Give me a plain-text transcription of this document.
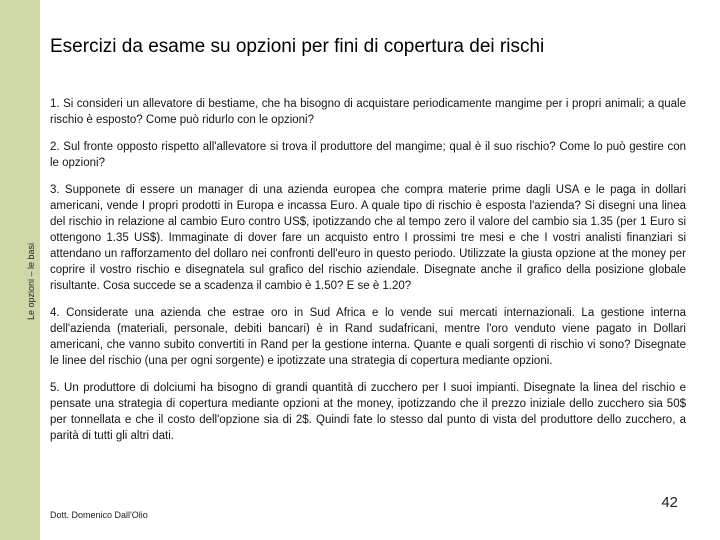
Le opzioni – le basi
Esercizi da esame su opzioni per fini di copertura dei rischi
1. Si consideri un allevatore di bestiame, che ha bisogno di acquistare periodicamente mangime per i propri animali; a quale rischio è esposto? Come può ridurlo con le opzioni?
2. Sul fronte opposto rispetto all'allevatore si trova il produttore del mangime; qual è il suo rischio? Come lo può gestire con le opzioni?
3. Supponete di essere un manager di una azienda europea che compra materie prime dagli USA e le paga in dollari americani, vende I propri prodotti in Europa e incassa Euro. A quale tipo di rischio è esposta l'azienda? Si disegni una linea del rischio in relazione al cambio Euro contro US$, ipotizzando che al tempo zero il valore del cambio sia 1.35 (per 1 Euro si ottengono 1.35 US$). Immaginate di dover fare un acquisto entro I prossimi tre mesi e che I vostri analisti finanziari si attendano un rafforzamento del dollaro nei confronti dell'euro in questo periodo. Utilizzate la giusta opzione at the money per coprire il vostro rischio e disegnatela sul grafico del rischio aziendale. Disegnate anche il grafico della posizione globale risultante. Cosa succede se a scadenza il cambio è 1.50? E se è 1.20?
4. Considerate una azienda che estrae oro in Sud Africa e lo vende sui mercati internazionali. La gestione interna dell'azienda (materiali, personale, debiti bancari) è in Rand sudafricani, mentre l'oro venduto viene pagato in Dollari americani, che vanno subito convertiti in Rand per la gestione interna. Quante e quali sorgenti di rischio vi sono? Disegnate le linee del rischio (una per ogni sorgente) e ipotizzate una strategia di copertura mediante opzioni.
5. Un produttore di dolciumi ha bisogno di grandi quantità di zucchero per I suoi impianti. Disegnate la linea del rischio e pensate una strategia di copertura mediante opzioni at the money, ipotizzando che il prezzo iniziale dello zucchero sia 50$ per tonnellata e che il costo dell'opzione sia di 2$. Quindi fate lo stesso dal punto di vista del produttore dello zucchero, a parità di tutti gli altri dati.
Dott. Domenico Dall'Olio
42
